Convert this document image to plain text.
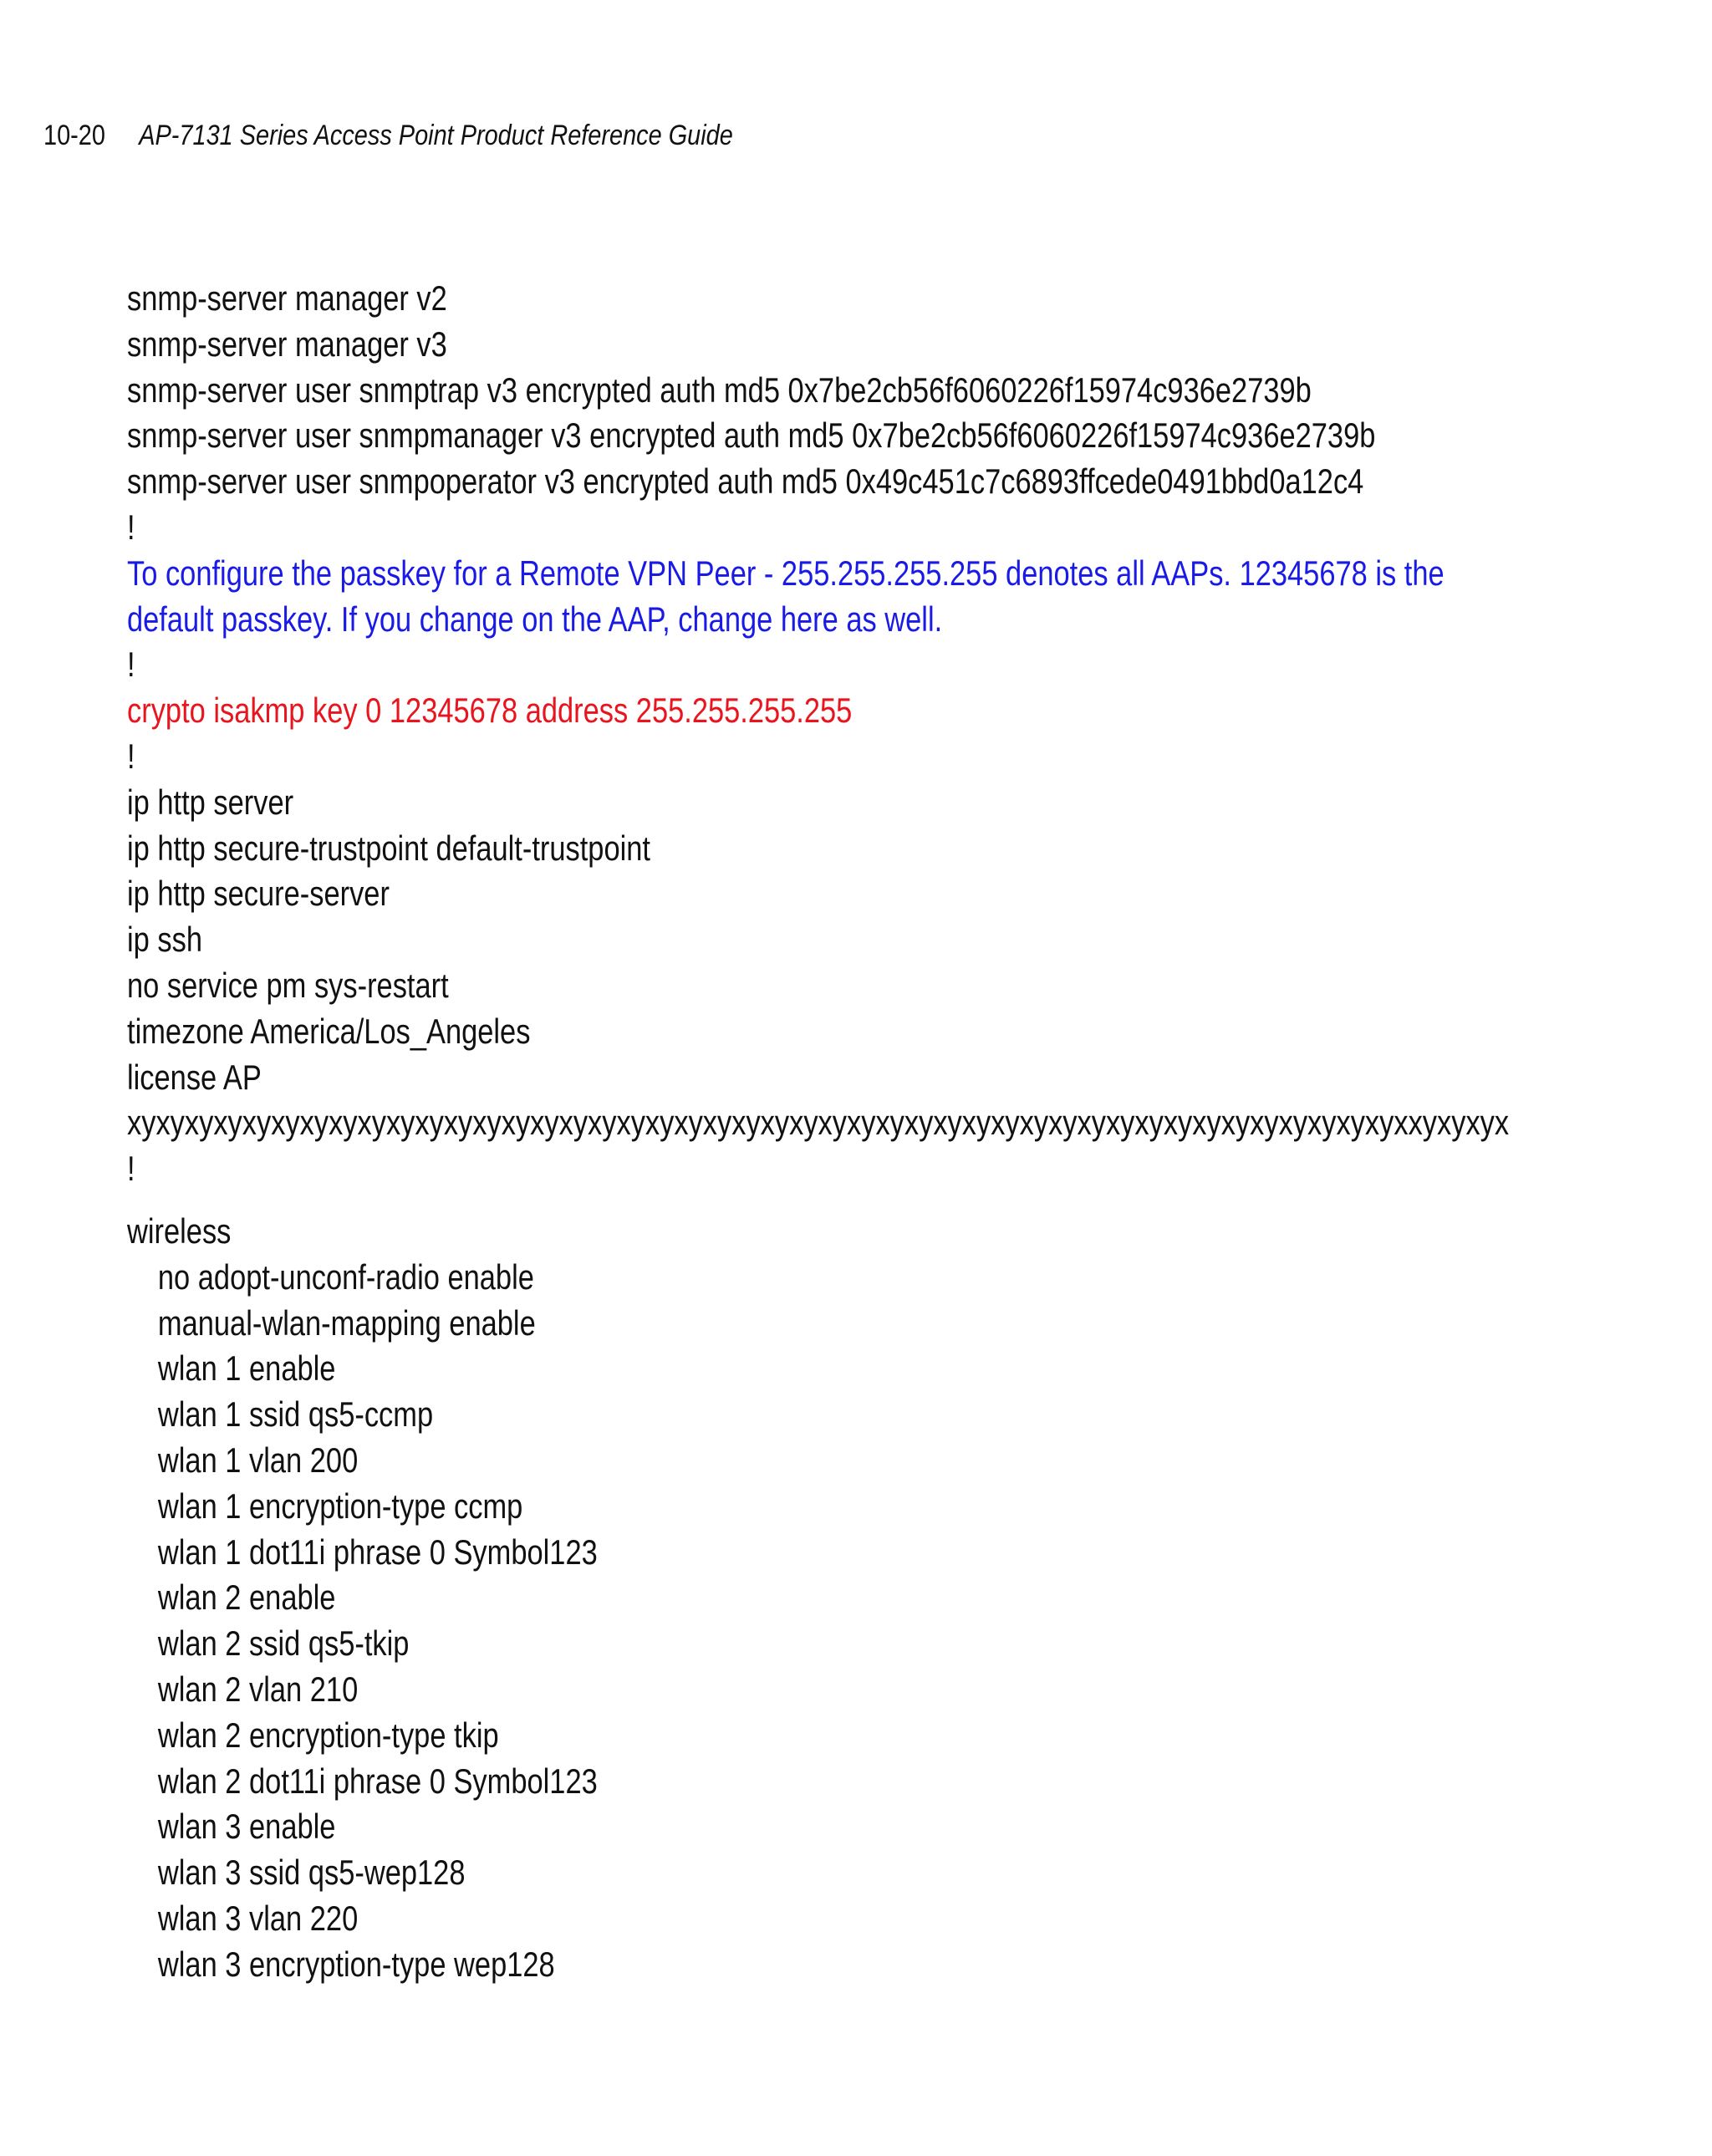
10-20 AP-7131 Series Access Point Product Reference Guide
snmp-server manager v2
snmp-server manager v3
snmp-server user snmptrap v3 encrypted auth md5 0x7be2cb56f6060226f15974c936e2739b
snmp-server user snmpmanager v3 encrypted auth md5 0x7be2cb56f6060226f15974c936e2739b
snmp-server user snmpoperator v3 encrypted auth md5 0x49c451c7c6893ffcede0491bbd0a12c4
!
To configure the passkey for a Remote VPN Peer - 255.255.255.255 denotes all AAPs. 12345678 is the
default passkey. If you change on the AAP, change here as well.
!
crypto isakmp key 0 12345678 address 255.255.255.255
!
ip http server
ip http secure-trustpoint default-trustpoint
ip http secure-server
ip ssh
no service pm sys-restart
timezone America/Los_Angeles
license AP
xyxyxyxyxyxyxyxyxyxyxyxyxyxyxyxyxyxyxyxyxyxyxyxyxyxyxyxyxyxyxyxyxyxyxyxyxyxyxyxyxyxyxyxyxxyxyxyx
!
wireless
no adopt-unconf-radio enable
manual-wlan-mapping enable
wlan 1 enable
wlan 1 ssid qs5-ccmp
wlan 1 vlan 200
wlan 1 encryption-type ccmp
wlan 1 dot11i phrase 0 Symbol123
wlan 2 enable
wlan 2 ssid qs5-tkip
wlan 2 vlan 210
wlan 2 encryption-type tkip
wlan 2 dot11i phrase 0 Symbol123
wlan 3 enable
wlan 3 ssid qs5-wep128
wlan 3 vlan 220
wlan 3 encryption-type wep128
